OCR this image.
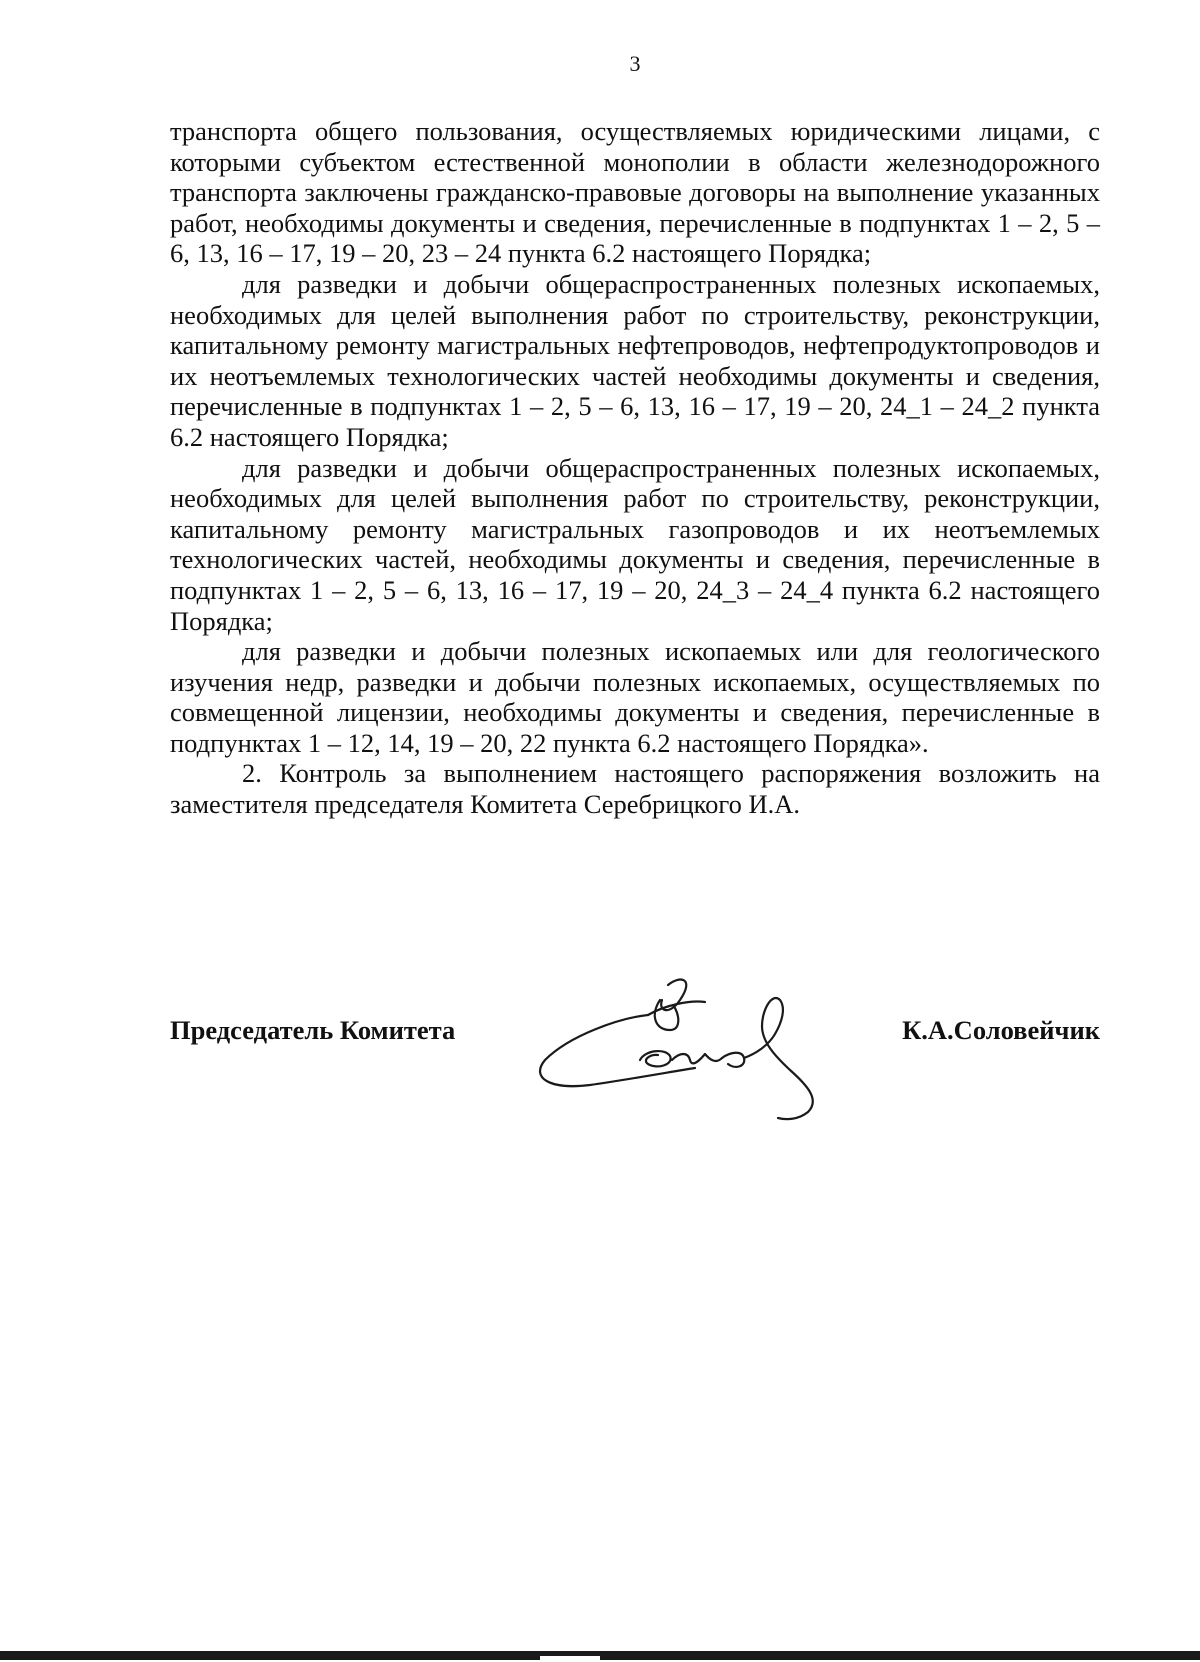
3

транспорта общего пользования, осуществляемых юридическими лицами, с которыми субъектом естественной монополии в области железнодорожного транспорта заключены гражданско-правовые договоры на выполнение указанных работ, необходимы документы и сведения, перечисленные в подпунктах 1 – 2, 5 – 6, 13, 16 – 17, 19 – 20, 23 – 24 пункта 6.2 настоящего Порядка;

для разведки и добычи общераспространенных полезных ископаемых, необходимых для целей выполнения работ по строительству, реконструкции, капитальному ремонту магистральных нефтепроводов, нефтепродуктопроводов и их неотъемлемых технологических частей необходимы документы и сведения, перечисленные в подпунктах 1 – 2, 5 – 6, 13, 16 – 17, 19 – 20, 24_1 – 24_2 пункта 6.2 настоящего Порядка;

для разведки и добычи общераспространенных полезных ископаемых, необходимых для целей выполнения работ по строительству, реконструкции, капитальному ремонту магистральных газопроводов и их неотъемлемых технологических частей, необходимы документы и сведения, перечисленные в подпунктах 1 – 2, 5 – 6, 13, 16 – 17, 19 – 20, 24_3 – 24_4 пункта 6.2 настоящего Порядка;

для разведки и добычи полезных ископаемых или для геологического изучения недр, разведки и добычи полезных ископаемых, осуществляемых по совмещенной лицензии, необходимы документы и сведения, перечисленные в подпунктах 1 – 12, 14, 19 – 20, 22 пункта 6.2 настоящего Порядка».

2. Контроль за выполнением настоящего распоряжения возложить на заместителя председателя Комитета Серебрицкого И.А.

Председатель Комитета	К.А.Соловейчик
